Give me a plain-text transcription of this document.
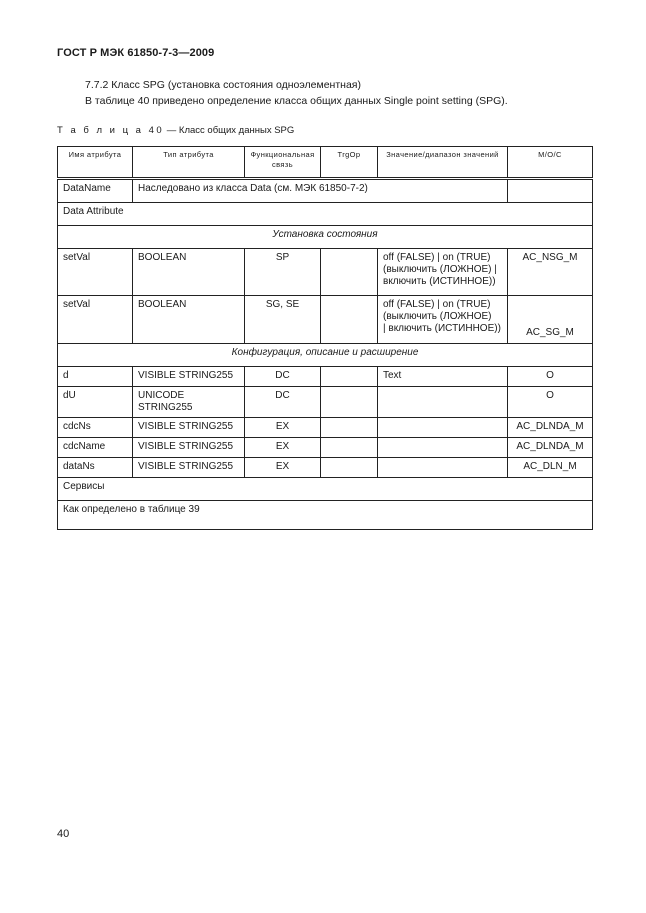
ГОСТ Р МЭК 61850-7-3—2009
7.7.2 Класс SPG (установка состояния одноэлементная)
В таблице 40 приведено определение класса общих данных Single point setting (SPG).
Т а б л и ц а 40 — Класс общих данных SPG
Имя атрибута	Тип атрибута	Функциональная связь	TrgOp	Значение/диапазон значений	M/O/C
DataName	Наследовано из класса Data (см. МЭК 61850-7-2)				
Data Attribute					
Установка состояния					
setVal	BOOLEAN	SP		off (FALSE) | on (TRUE)
(выключить (ЛОЖНОЕ) |
включить (ИСТИННОЕ))	AC_NSG_M
setVal	BOOLEAN	SG, SE		off (FALSE) | on (TRUE)
(выключить (ЛОЖНОЕ)
| включить (ИСТИННОЕ))	AC_SG_M
Конфигурация, описание и расширение					
d	VISIBLE STRING255	DC		Text	O
dU	UNICODE STRING255	DC			O
cdcNs	VISIBLE STRING255	EX			AC_DLNDA_M
cdcName	VISIBLE STRING255	EX			AC_DLNDA_M
dataNs	VISIBLE STRING255	EX			AC_DLN_M
Сервисы					
Как определено в таблице 39					
40
